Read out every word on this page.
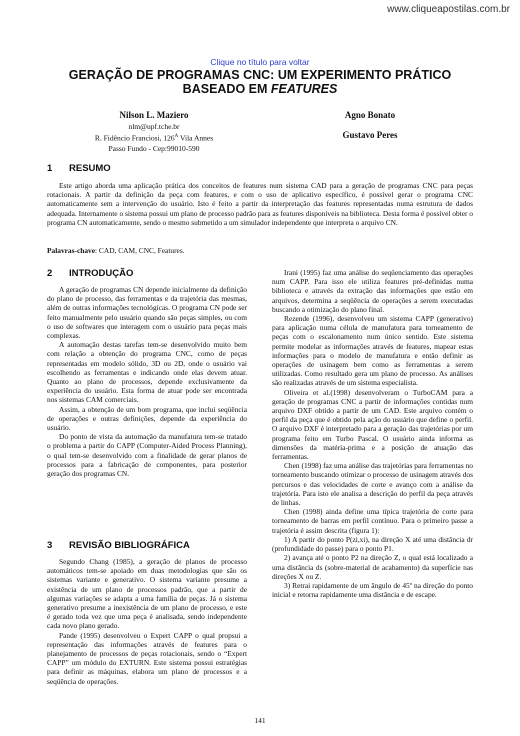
www.cliqueapostilas.com.br
Clique no título para voltar
GERAÇÃO DE PROGRAMAS CNC: UM EXPERIMENTO PRÁTICO
BASEADO EM FEATURES
Nilson L. Maziero
nlm@upf.tche.br
R. Fidêncio Franciosi, $126^A$ Vila Annes
Passo Fundo - Cep:99010-590
Agno Bonato
Gustavo Peres
1 RESUMO

Este artigo aborda uma aplicação prática dos conceitos de features num sistema CAD para a geração de programas CNC para peças rotacionais. A partir da definição da peça com features, e com o uso de aplicativo específico, é possível gerar o programa CNC automaticamente sem a intervenção do usuário. Isto é feito a partir da interpretação das features representadas numa estrutura de dados adequada. Internamente o sistema possui um plano de processo padrão para as features disponíveis na biblioteca. Desta forma é possível obter o programa CN automaticamente, sendo o mesmo submetido a um simulador independente que interpreta o arquivo CN.

Palavras-chave: CAD, CAM, CNC, Features.
2 INTRODUÇÃO

A geração de programas CN depende inicialmente da definição do plano de processo, das ferramentas e da trajetória das mesmas, além de outras informações tecnológicas. O programa CN pode ser feito manualmente pelo usuário quando são peças simples, ou com o uso de softwares que interagem com o usuário para peças mais complexas.

A automação destas tarefas tem-se desenvolvido muito bem com relação a obtenção do programa CNC, como de peças representadas em modelo sólido, 3D ou 2D, onde o usuário vai escolhendo as ferramentas e indicando onde elas devem atuar. Quanto ao plano de processos, depende exclusivamente da experiência do usuário. Esta forma de atuar pode ser encontrada nos sistemas CAM comerciais.

Assim, a obtenção de um bom programa, que inclui seqüência de operações e outras definições, depende da experiência do usuário.

Do ponto de vista da automação da manufatura tem-se tratado o problema a partir do CAPP (Computer-Aided Process Planning), o qual tem-se desenvolvido com a finalidade de gerar planos de processos para a fabricação de componentes, para posterior geração dos programas CN.

3 REVISÃO BIBLIOGRÁFICA

Segundo Chang (1985), a geração de planos de processo automáticos tem-se apoiado em duas metodologias que são os sistemas variante e generativo. O sistema variante presume a existência de um plano de processos padrão, que a partir de algumas variações se adapta a uma família de peças. Já o sistema generativo presume a inexistência de um plano de processo, e este é gerado toda vez que uma peça é analisada, sendo independente cada novo plano gerado.

Pande (1995) desenvolveu o Expert CAPP o qual propsui a representação das informações através de features para o planejamento de processos de peças rotacionais, sendo o “Expert CAPP” um módulo do EXTURN. Este sistema possui estratégias para definir as máquinas, elabora um plano de processos e a seqüência de operações.

Irani (1995) faz uma análise do seqüenciamento das operações num CAPP. Para isso ele utiliza features pré-definidas numa biblioteca e através da extração das informações que estão em arquivos, determina a seqüência de operações a serem executadas buscando a otimização do plano final.

Rezende (1996), desenvolveu um sistema CAPP (generativo) para aplicação numa célula de manufatura para torneamento de peças com o escalonamento num único sentido. Este sistema permite modelar as informações através de features, mapear estas informações para o modelo de manufatura e então definir as operações de usinagem bem como as ferramentas a serem utilizadas. Como resultado gera um plano de processo. As análises são realizadas através de um sistema especialista.

Oliveira et al.(1998) desenvolveram o TurboCAM para a geração de programas CNC a partir de informações contidas num arquivo DXF obtido a partir de um CAD. Este arquivo contém o perfil da peça que é obtido pela ação do usuário que define o perfil. O arquivo DXF é interpretado para a geração das trajetórias por um programa feito em Turbo Pascal. O usuário ainda informa as dimensões da matéria-prima e a posição de atuação das ferramentas.

Chen (1998) faz uma análise das trajetórias para ferramentas no torneamento buscando otimizar o processo de usinagem através dos percursos e das velocidades de corte e avanço com a análise da trajetória. Para isto ele analisa a descrição do perfil da peça através de linhas.

Chen (1998) ainda define uma típica trajetória de corte para torneamento de barras em perfil contínuo. Para o primeiro passe a trajetória é assim descrita (figura 1):

1) A partir do ponto P(zi,xi), na direção X até uma distância dr (profundidade do passe) para o ponto P1.

2) avança até o ponto P2 na direção Z, o qual está localizado a uma distância ds (sobre-material de acabamento) da superfície nas direções X ou Z.

3) Retrai rapidamente de um ângulo de 45º na direção do ponto inicial e retorna rapidamente uma distância e de escape.

141
